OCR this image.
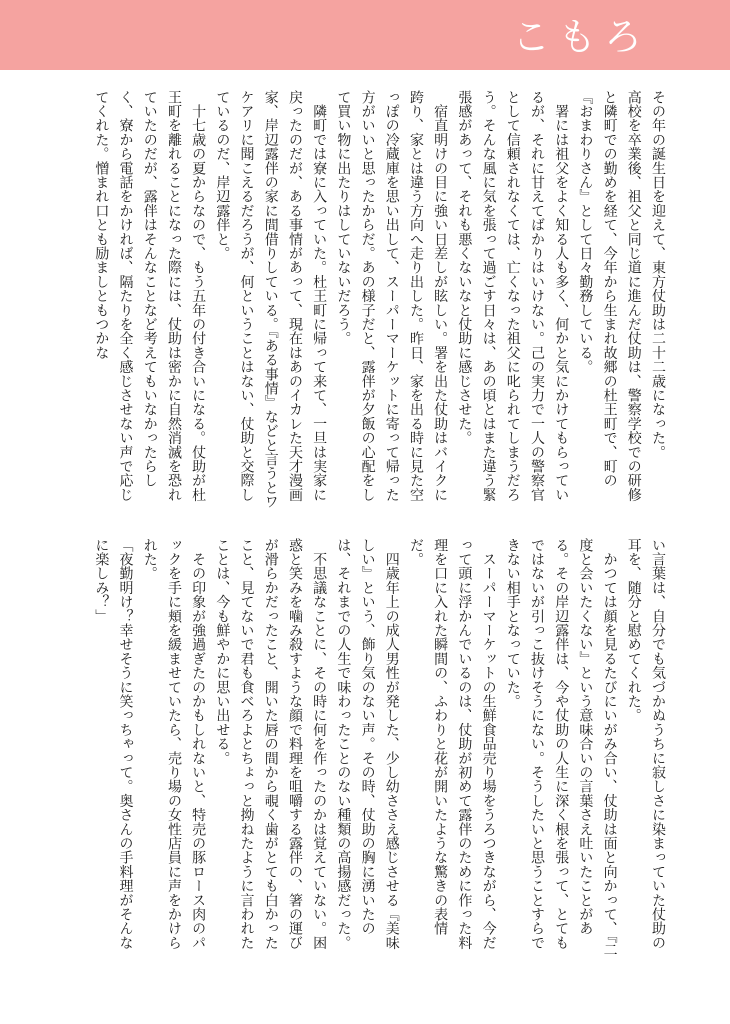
こもろ

その年の誕生日を迎えて、東方仗助は二十二歳になった。
高校を卒業後、祖父と同じ道に進んだ仗助は、警察学校での研修と隣町での勤めを経て、今年から生まれ故郷の杜王町で、町の『おまわりさん』として日々勤務している。
　署には祖父をよく知る人も多く、何かと気にかけてもらっているが、それに甘えてばかりはいけない。己の実力で一人の警察官として信頼されなくては、亡くなった祖父に叱られてしまうだろう。そんな風に気を張って過ごす日々は、あの頃とはまた違う緊張感があって、それも悪くないなと仗助に感じさせた。
　宿直明けの目に強い日差しが眩しい。署を出た仗助はバイクに跨り、家とは違う方向へ走り出した。昨日、家を出る時に見た空っぽの冷蔵庫を思い出して、スーパーマーケットに寄って帰った方がいいと思ったからだ。あの様子だと、露伴が夕飯の心配をして買い物に出たりはしていないだろう。
　隣町では寮に入っていた。杜王町に帰って来て、一旦は実家に戻ったのだが、ある事情があって、現在はあのイカレた天才漫画家、岸辺露伴の家に間借りしている。『ある事情』などと言うとワケアリに聞こえるだろうが、何ということはない、仗助と交際しているのだ、岸辺露伴と。
　十七歳の夏からなので、もう五年の付き合いになる。仗助が杜王町を離れることになった際には、仗助は密かに自然消滅を恐れていたのだが、露伴はそんなことなど考えてもいなかったらしく、寮から電話をかければ、隔たりを全く感じさせない声で応じてくれた。憎まれ口とも励ましともつかな

い言葉は、自分でも気づかぬうちに寂しさに染まっていた仗助の耳を、随分と慰めてくれた。
　かつては顔を見るたびにいがみ合い、仗助は面と向かって、『二度と会いたくない』という意味合いの言葉さえ吐いたことがある。その岸辺露伴は、今や仗助の人生に深く根を張って、とてもではないが引っこ抜けそうにない。そうしたいと思うことすらできない相手となっていた。
　スーパーマーケットの生鮮食品売り場をうろつきながら、今だって頭に浮かんでいるのは、仗助が初めて露伴のために作った料理を口に入れた瞬間の、ふわりと花が開いたような驚きの表情だ。
　四歳年上の成人男性が発した、少し幼ささえ感じさせる『美味しい』という、飾り気のない声。その時、仗助の胸に湧いたのは、それまでの人生で味わったことのない種類の高揚感だった。
　不思議なことに、その時に何を作ったのかは覚えていない。困惑と笑みを噛み殺すような顔で料理を咀嚼する露伴の、箸の運びが滑らかだったこと、開いた唇の間から覗く歯がとても白かったこと、見てないで君も食べろよとちょっと拗ねたように言われたことは、今も鮮やかに思い出せる。
　その印象が強過ぎたのかもしれないと、特売の豚ロース肉のパックを手に頬を緩ませていたら、売り場の女性店員に声をかけられた。
「夜勤明け？幸せそうに笑っちゃって。奥さんの手料理がそんなに楽しみ？」
